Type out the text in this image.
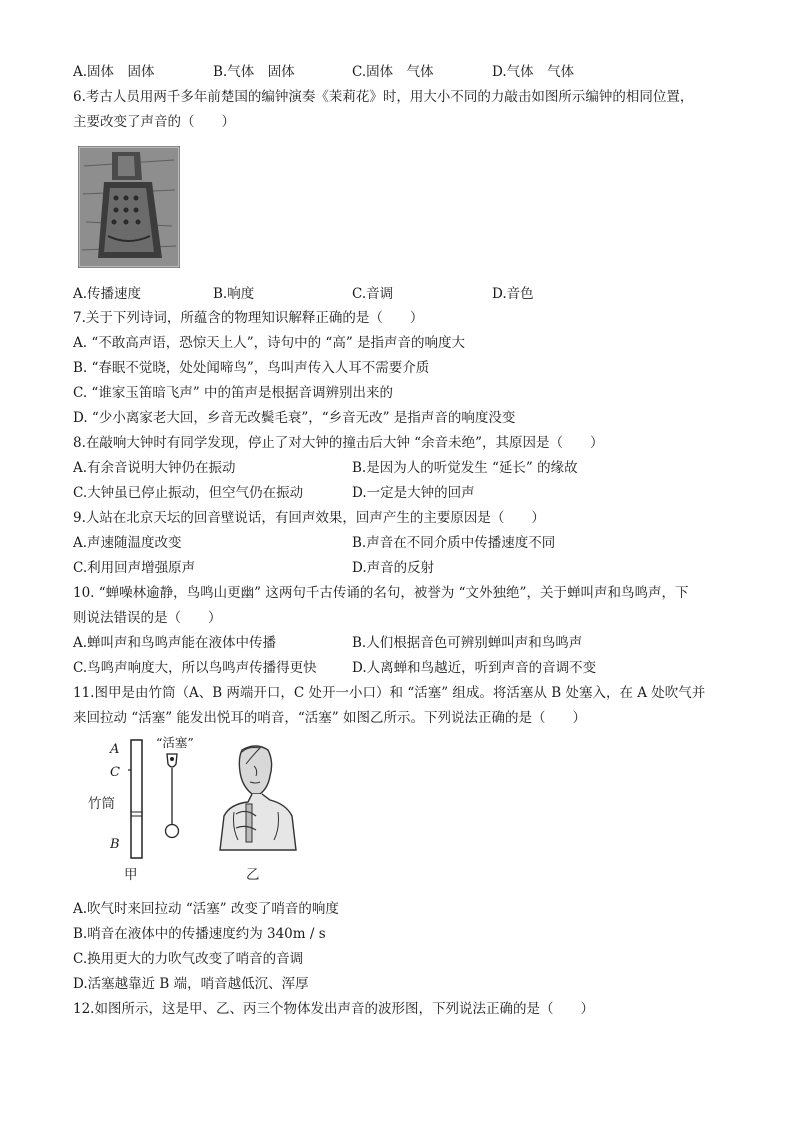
A.固体　固体	B.气体　固体	C.固体　气体	D.气体　气体
6.考古人员用两千多年前楚国的编钟演奏《茉莉花》时，用大小不同的力敲击如图所示编钟的相同位置，
主要改变了声音的（　　）
A.传播速度	B.响度	C.音调	D.音色
7.关于下列诗词，所蕴含的物理知识解释正确的是（　　）
A. “不敢高声语，恐惊天上人”，诗句中的 “高” 是指声音的响度大
B. “春眠不觉晓，处处闻啼鸟”，鸟叫声传入人耳不需要介质
C. “谁家玉笛暗飞声” 中的笛声是根据音调辨别出来的
D. “少小离家老大回，乡音无改鬓毛衰”，“乡音无改” 是指声音的响度没变
8.在敲响大钟时有同学发现，停止了对大钟的撞击后大钟 “余音未绝”，其原因是（　　）
A.有余音说明大钟仍在振动	B.是因为人的听觉发生 “延长” 的缘故
C.大钟虽已停止振动，但空气仍在振动	D.一定是大钟的回声
9.人站在北京天坛的回音壁说话，有回声效果，回声产生的主要原因是（　　）
A.声速随温度改变	B.声音在不同介质中传播速度不同
C.利用回声增强原声	D.声音的反射
10. “蝉噪林逾静，鸟鸣山更幽” 这两句千古传诵的名句，被誉为 “文外独绝”，关于蝉叫声和鸟鸣声，下
则说法错误的是（　　）
A.蝉叫声和鸟鸣声能在液体中传播	B.人们根据音色可辨别蝉叫声和鸟鸣声
C.鸟鸣声响度大，所以鸟鸣声传播得更快	D.人离蝉和鸟越近，听到声音的音调不变
11.图甲是由竹筒（A、B 两端开口，C 处开一小口）和 “活塞” 组成。将活塞从 B 处塞入，在 A 处吹气并
来回拉动 “活塞” 能发出悦耳的哨音，“活塞” 如图乙所示。下列说法正确的是（　　）
A
C
B
竹筒
“活塞”
甲	乙
A.吹气时来回拉动 “活塞” 改变了哨音的响度
B.哨音在液体中的传播速度约为 340m / s
C.换用更大的力吹气改变了哨音的音调
D.活塞越靠近 B 端，哨音越低沉、浑厚
12.如图所示，这是甲、乙、丙三个物体发出声音的波形图，下列说法正确的是（　　）
